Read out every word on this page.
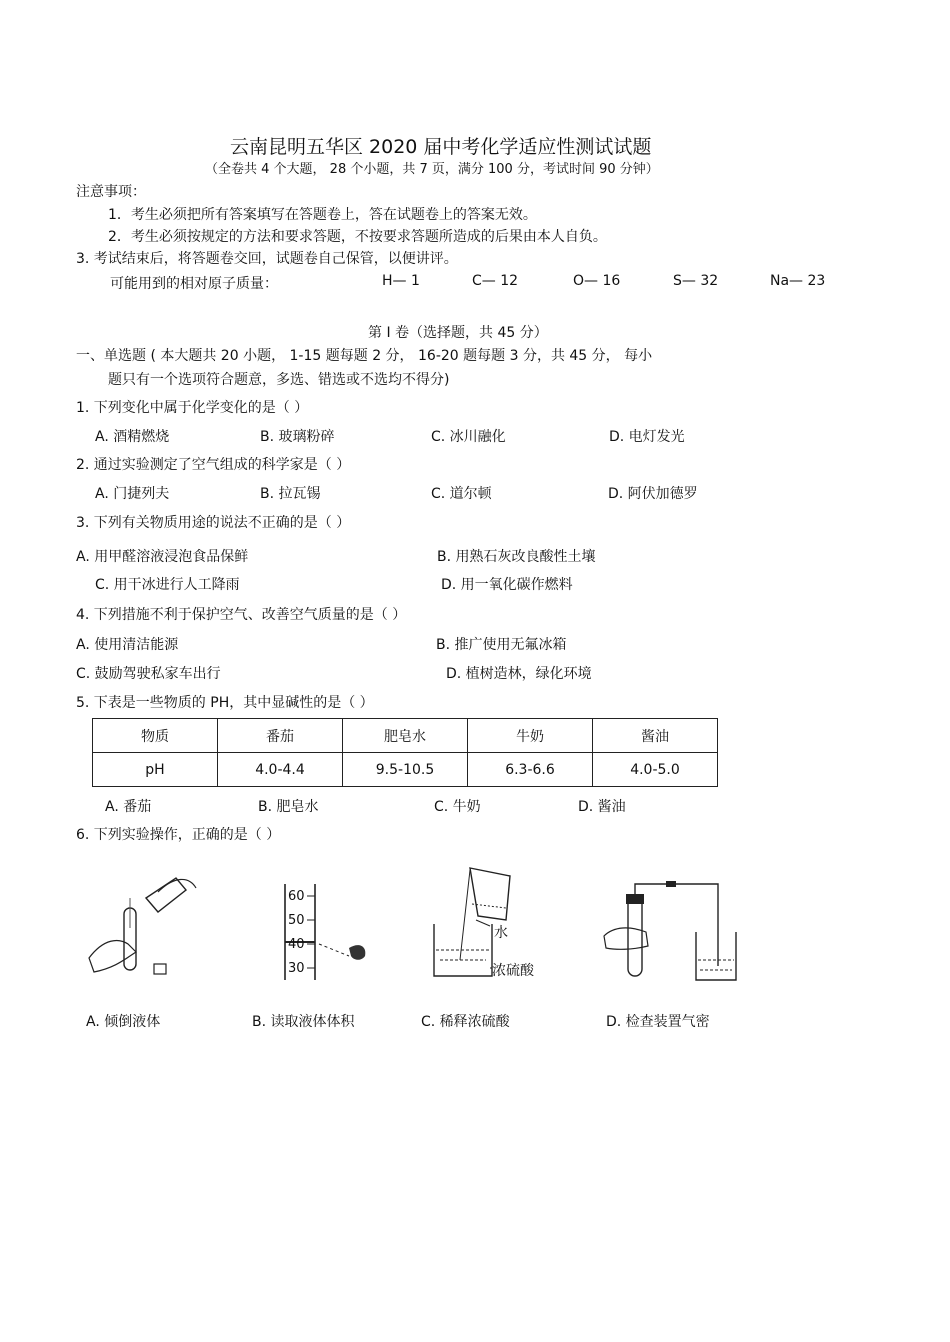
云南昆明五华区 2020 届中考化学适应性测试试题
（全卷共 4 个大题， 28 个小题，共 7 页，满分 100 分，考试时间 90 分钟）
注意事项：
1．考生必须把所有答案填写在答题卷上，答在试题卷上的答案无效。
2．考生必须按规定的方法和要求答题，不按要求答题所造成的后果由本人自负。
3. 考试结束后，将答题卷交回，试题卷自己保管，以便讲评。
可能用到的相对原子质量：	H— 1	C— 12	O— 16	S— 32	Na— 23
第 I 卷（选择题，共 45 分）
一、单选题 ( 本大题共 20 小题， 1-15 题每题 2 分， 16-20 题每题 3 分，共 45 分， 每小
题只有一个选项符合题意，多选、错选或不选均不得分)
1. 下列变化中属于化学变化的是（ ）
A. 酒精燃烧	B. 玻璃粉碎	C. 冰川融化	D. 电灯发光
2. 通过实验测定了空气组成的科学家是（ ）
A. 门捷列夫	B. 拉瓦锡	C. 道尔顿	D. 阿伏加德罗
3. 下列有关物质用途的说法不正确的是（ ）
A. 用甲醛溶液浸泡食品保鲜	B. 用熟石灰改良酸性土壤
C. 用干冰进行人工降雨	D. 用一氧化碳作燃料
4. 下列措施不利于保护空气、改善空气质量的是（ ）
A. 使用清洁能源	B. 推广使用无氟冰箱
C. 鼓励驾驶私家车出行	D. 植树造林，绿化环境
5. 下表是一些物质的 PH，其中显碱性的是（ ）
物质	番茄	肥皂水	牛奶	酱油
pH	4.0-4.4	9.5-10.5	6.3-6.6	4.0-5.0
A. 番茄	B. 肥皂水	C. 牛奶	D. 酱油
6. 下列实验操作，正确的是（ ）
60
50
40
30
水
浓硫酸
A. 倾倒液体	B. 读取液体体积	C. 稀释浓硫酸	D. 检查装置气密
